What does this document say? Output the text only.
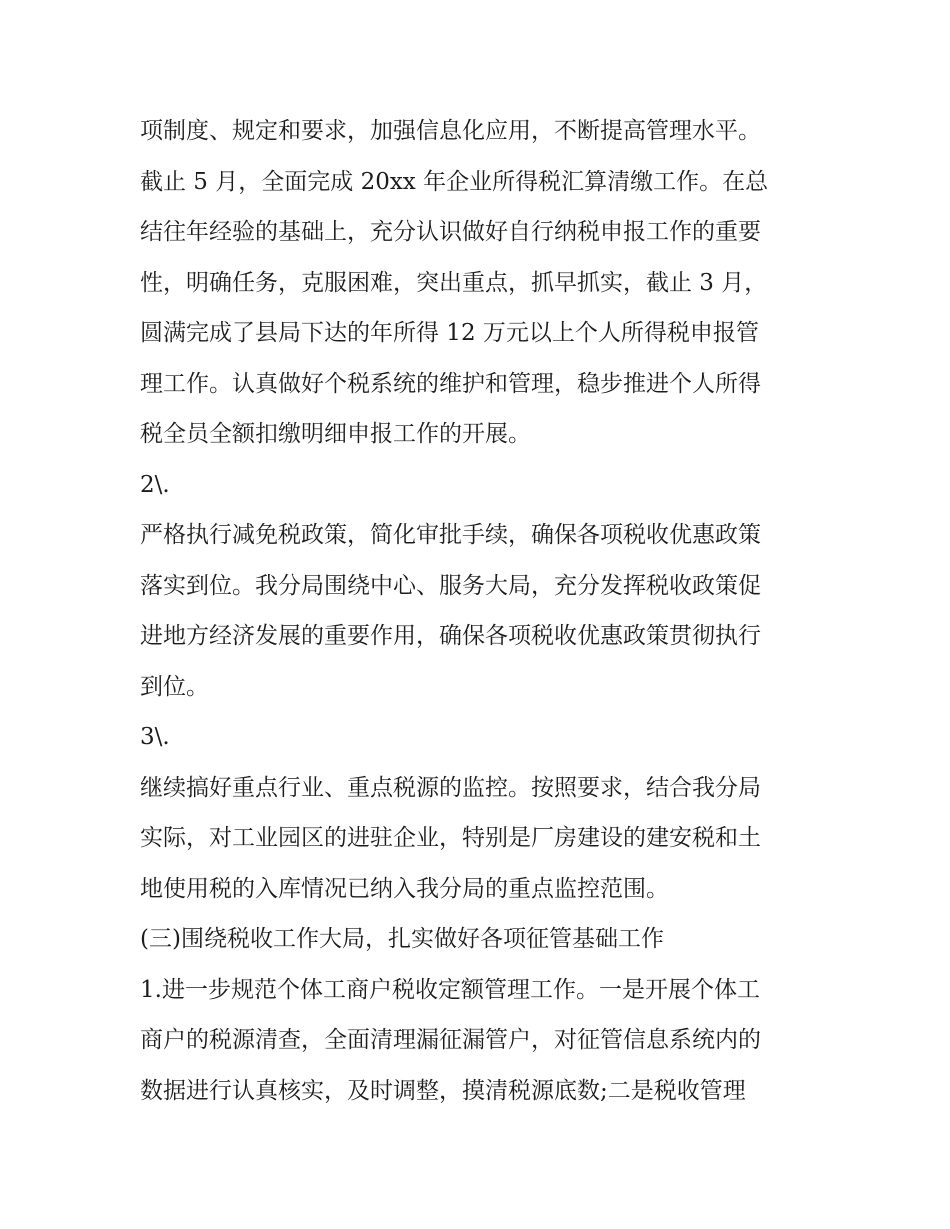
项制度、规定和要求，加强信息化应用，不断提高管理水平。
截止 5 月，全面完成 20xx 年企业所得税汇算清缴工作。在总
结往年经验的基础上，充分认识做好自行纳税申报工作的重要
性，明确任务，克服困难，突出重点，抓早抓实，截止 3 月，
圆满完成了县局下达的年所得 12 万元以上个人所得税申报管
理工作。认真做好个税系统的维护和管理，稳步推进个人所得
税全员全额扣缴明细申报工作的开展。
2\.
严格执行减免税政策，简化审批手续，确保各项税收优惠政策
落实到位。我分局围绕中心、服务大局，充分发挥税收政策促
进地方经济发展的重要作用，确保各项税收优惠政策贯彻执行
到位。
3\.
继续搞好重点行业、重点税源的监控。按照要求，结合我分局
实际，对工业园区的进驻企业，特别是厂房建设的建安税和土
地使用税的入库情况已纳入我分局的重点监控范围。
(三)围绕税收工作大局，扎实做好各项征管基础工作
1.进一步规范个体工商户税收定额管理工作。一是开展个体工
商户的税源清查，全面清理漏征漏管户，对征管信息系统内的
数据进行认真核实，及时调整，摸清税源底数;二是税收管理
